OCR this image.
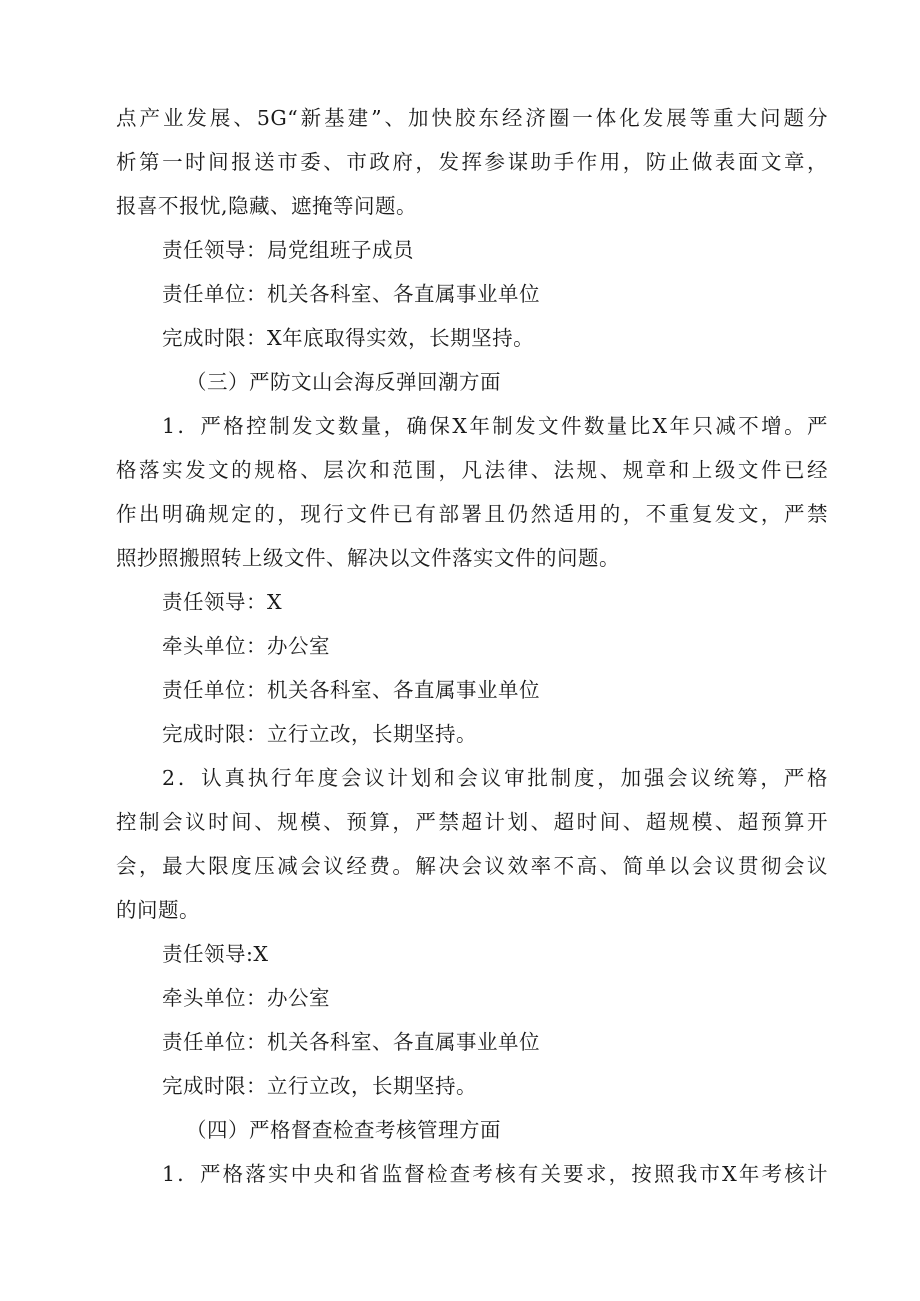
点产业发展、5G“新基建”、加快胶东经济圈一体化发展等重大问题分
析第一时间报送市委、市政府，发挥参谋助手作用，防止做表面文章，
报喜不报忧,隐藏、遮掩等问题。
责任领导：局党组班子成员
责任单位：机关各科室、各直属事业单位
完成时限：X年底取得实效，长期坚持。
（三）严防文山会海反弹回潮方面
1．严格控制发文数量，确保X年制发文件数量比X年只减不增。严
格落实发文的规格、层次和范围，凡法律、法规、规章和上级文件已经
作出明确规定的，现行文件已有部署且仍然适用的，不重复发文，严禁
照抄照搬照转上级文件、解决以文件落实文件的问题。
责任领导：X
牵头单位：办公室
责任单位：机关各科室、各直属事业单位
完成时限：立行立改，长期坚持。
2．认真执行年度会议计划和会议审批制度，加强会议统筹，严格
控制会议时间、规模、预算，严禁超计划、超时间、超规模、超预算开
会，最大限度压减会议经费。解决会议效率不高、简单以会议贯彻会议
的问题。
责任领导:X
牵头单位：办公室
责任单位：机关各科室、各直属事业单位
完成时限：立行立改，长期坚持。
（四）严格督查检查考核管理方面
1．严格落实中央和省监督检查考核有关要求，按照我市X年考核计
